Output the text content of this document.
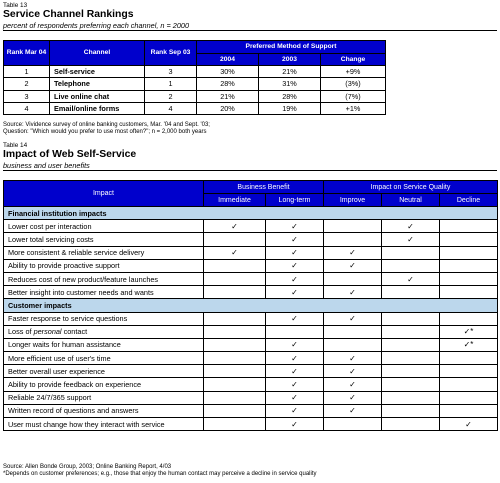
Table 13
Service Channel Rankings
percent of respondents preferring each channel, n = 2000
Rank Mar 04	Channel	Rank Sep 03	Preferred Method of Support		
			2004	2003	Change
1	Self-service	3	30%	21%	+9%
2	Telephone	1	28%	31%	(3%)
3	Live online chat	2	21%	28%	(7%)
4	Email/online forms	4	20%	19%	+1%
Source: Vividence survey of online banking customers, Mar. '04 and Sept. '03;
Question: "Which would you prefer to use most often?"; n = 2,000 both years
Table 14
Impact of Web Self-Service
business and user benefits
Impact	Business Benefit		Impact on Service Quality		
	Immediate	Long-term	Improve	Neutral	Decline
Financial institution impacts					
Lower cost per interaction	✓	✓		✓	
Lower total servicing costs		✓		✓	
More consistent & reliable service delivery	✓	✓	✓		
Ability to provide proactive support		✓	✓		
Reduces cost of new product/feature launches		✓		✓	
Better insight into customer needs and wants		✓	✓		
Customer impacts					
Faster response to service questions		✓	✓		
Loss of personal contact					✓*
Longer waits for human assistance		✓			✓*
More efficient use of user's time		✓	✓		
Better overall user experience		✓	✓		
Ability to provide feedback on experience		✓	✓		
Reliable 24/7/365 support		✓	✓		
Written record of questions and answers		✓	✓		
User must change how they interact with service		✓			✓
Source: Allen Bonde Group, 2003; Online Banking Report, 4/03
*Depends on customer preferences; e.g., those that enjoy the human contact may perceive a decline in service quality
